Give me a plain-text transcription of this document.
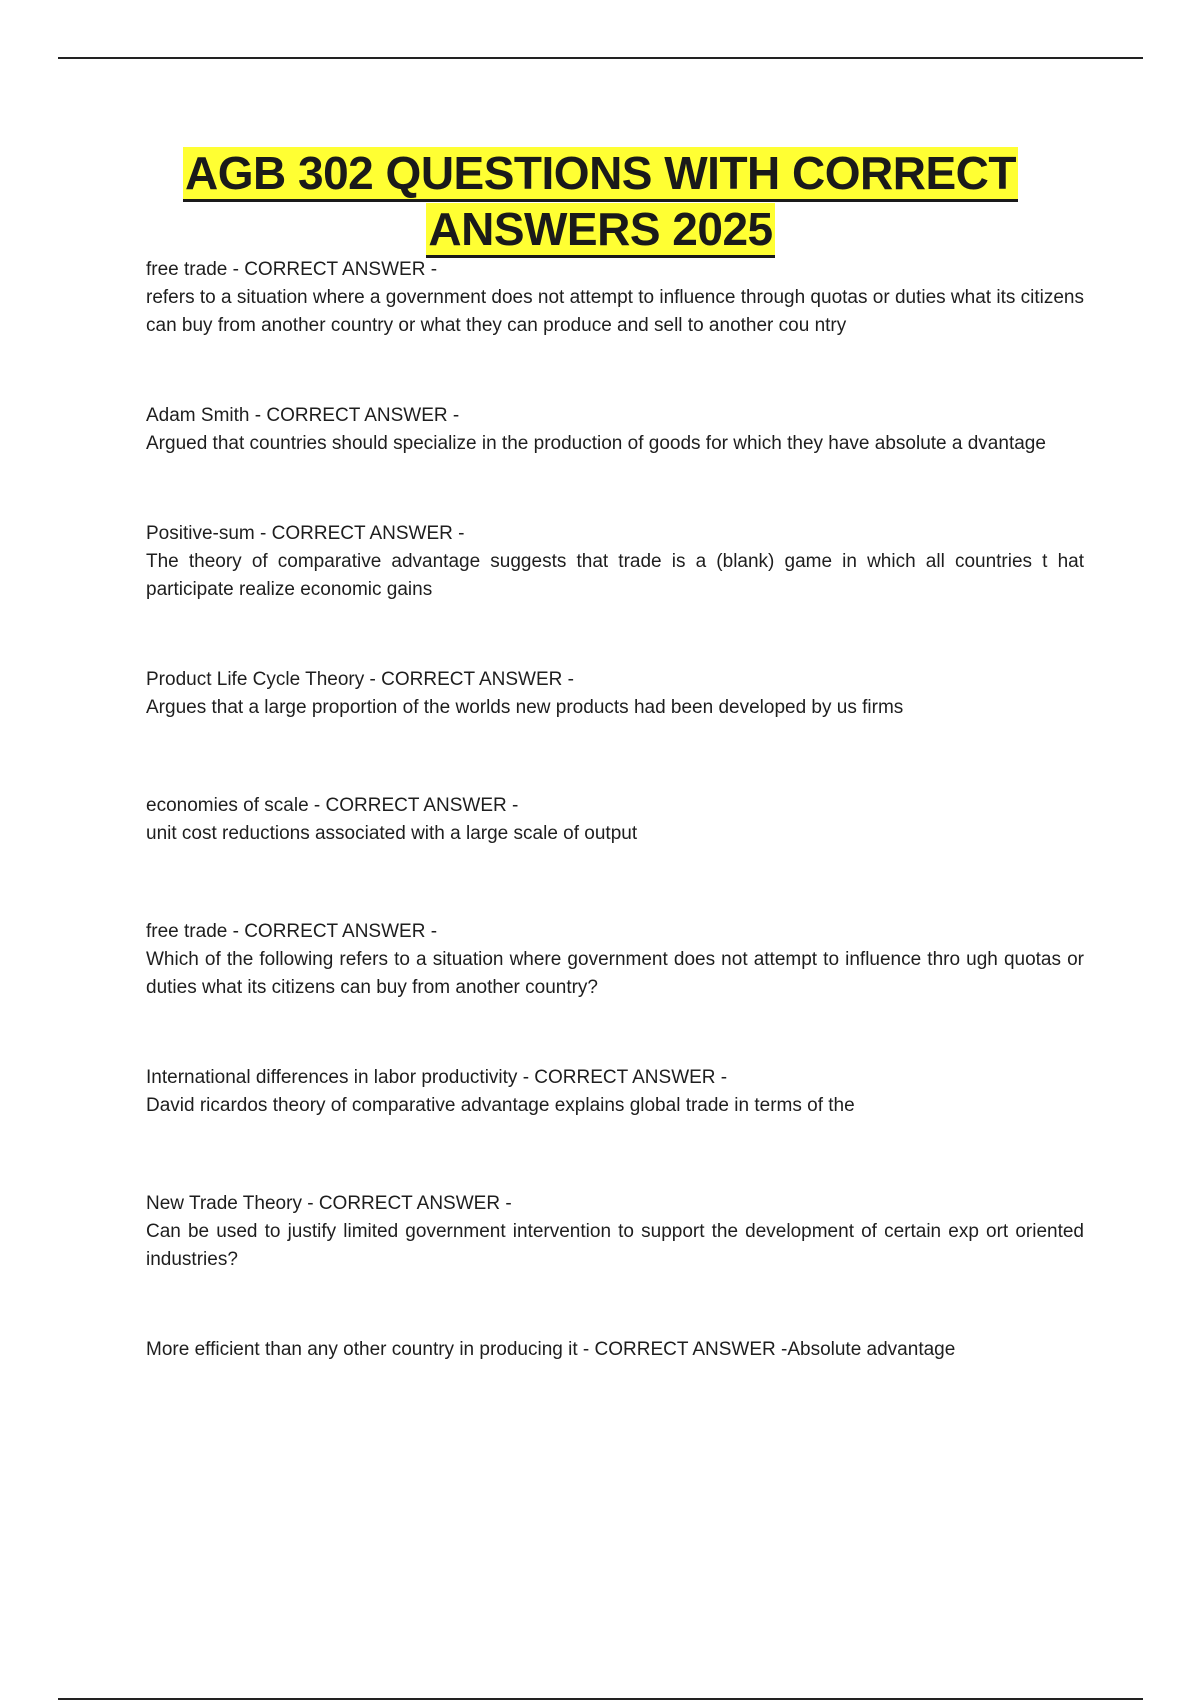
AGB 302 QUESTIONS WITH CORRECT
ANSWERS 2025

free trade - CORRECT ANSWER -
refers to a situation where a government does not attempt to influence through quotas or duties what its citizens can buy from another country or what they can produce and sell to another cou ntry

Adam Smith - CORRECT ANSWER -
Argued that countries should specialize in the production of goods for which they have absolute a dvantage

Positive-sum - CORRECT ANSWER -
The theory of comparative advantage suggests that trade is a (blank) game in which all countries t hat participate realize economic gains

Product Life Cycle Theory - CORRECT ANSWER -
Argues that a large proportion of the worlds new products had been developed by us firms

economies of scale - CORRECT ANSWER -
unit cost reductions associated with a large scale of output

free trade - CORRECT ANSWER -
Which of the following refers to a situation where government does not attempt to influence thro ugh quotas or duties what its citizens can buy from another country?

International differences in labor productivity - CORRECT ANSWER -
David ricardos theory of comparative advantage explains global trade in terms of the

New Trade Theory - CORRECT ANSWER -
Can be used to justify limited government intervention to support the development of certain exp ort oriented industries?

More efficient than any other country in producing it - CORRECT ANSWER -Absolute advantage
